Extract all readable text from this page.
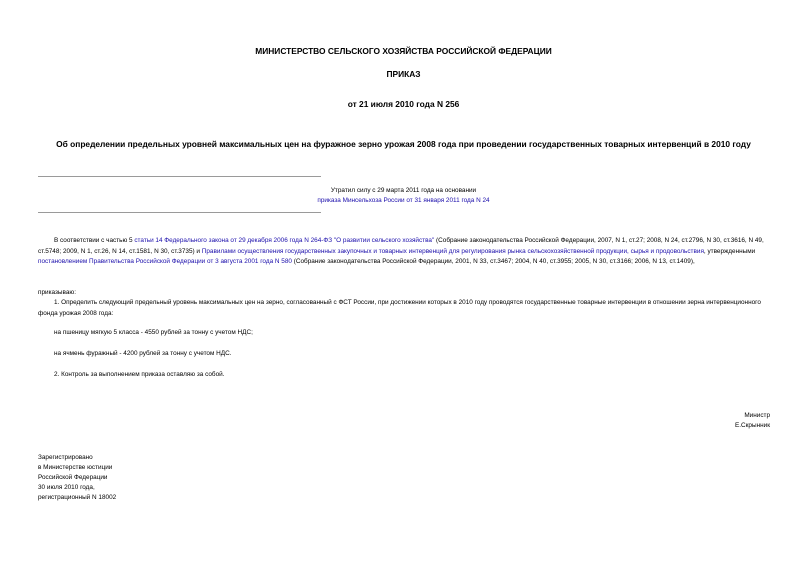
МИНИСТЕРСТВО СЕЛЬСКОГО ХОЗЯЙСТВА РОССИЙСКОЙ ФЕДЕРАЦИИ
ПРИКАЗ
от 21 июля 2010 года N 256
Об определении предельных уровней максимальных цен на фуражное зерно урожая 2008 года при проведении государственных товарных интервенций в 2010 году
Утратил силу с 29 марта 2011 года на основании
приказа Минсельхоза России от 31 января 2011 года N 24
В соответствии с частью 5 статьи 14 Федерального закона от 29 декабря 2006 года N 264-ФЗ "О развитии сельского хозяйства" (Собрание законодательства Российской Федерации, 2007, N 1, ст.27; 2008, N 24, ст.2796, N 30, ст.3616, N 49, ст.5748; 2009, N 1, ст.26, N 14, ст.1581, N 30, ст.3735) и Правилами осуществления государственных закупочных и товарных интервенций для регулирования рынка сельскохозяйственной продукции, сырья и продовольствия, утвержденными постановлением Правительства Российской Федерации от 3 августа 2001 года N 580 (Собрание законодательства Российской Федерации, 2001, N 33, ст.3467; 2004, N 40, ст.3955; 2005, N 30, ст.3166; 2006, N 13, ст.1409),
приказываю:
1. Определить следующий предельный уровень максимальных цен на зерно, согласованный с ФСТ России, при достижении которых в 2010 году проводятся государственные товарные интервенции в отношении зерна интервенционного фонда урожая 2008 года:
на пшеницу мягкую 5 класса - 4550 рублей за тонну с учетом НДС;
на ячмень фуражный - 4200 рублей за тонну с учетом НДС.
2. Контроль за выполнением приказа оставляю за собой.
Министр
Е.Скрынник
Зарегистрировано
в Министерстве юстиции
Российской Федерации
30 июля 2010 года,
регистрационный N 18002
